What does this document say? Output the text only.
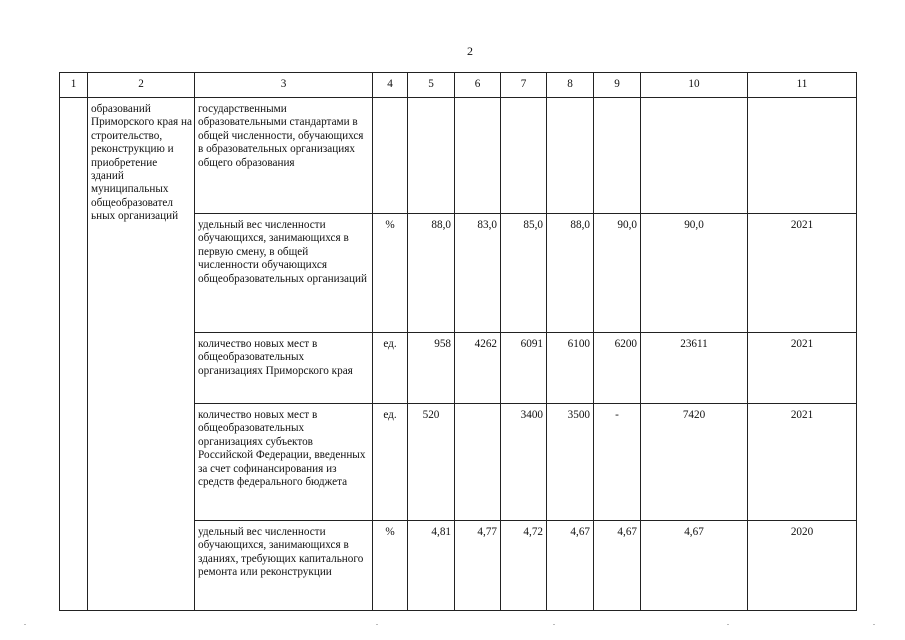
2
1	2	3	4	5	6	7	8	9	10	11
	образований Приморского края на строительство, реконструкцию и приобретение зданий муниципальных общеобразовател ьных организаций	государственными образовательными стандартами в общей численности, обучающихся в образовательных организациях общего образования								
		удельный вес численности обучающихся, занимающихся в первую смену, в общей численности обучающихся общеобразовательных организаций	%	88,0	83,0	85,0	88,0	90,0	90,0	2021
		количество новых мест в общеобразовательных организациях Приморского края	ед.	958	4262	6091	6100	6200	23611	2021
		количество новых мест в общеобразовательных организациях субъектов Российской Федерации, введенных за счет софинансирования из средств федерального бюджета	ед.	520		3400	3500	-	7420	2021
		удельный вес численности обучающихся, занимающихся в зданиях, требующих капитального ремонта или реконструкции	%	4,81	4,77	4,72	4,67	4,67	4,67	2020
